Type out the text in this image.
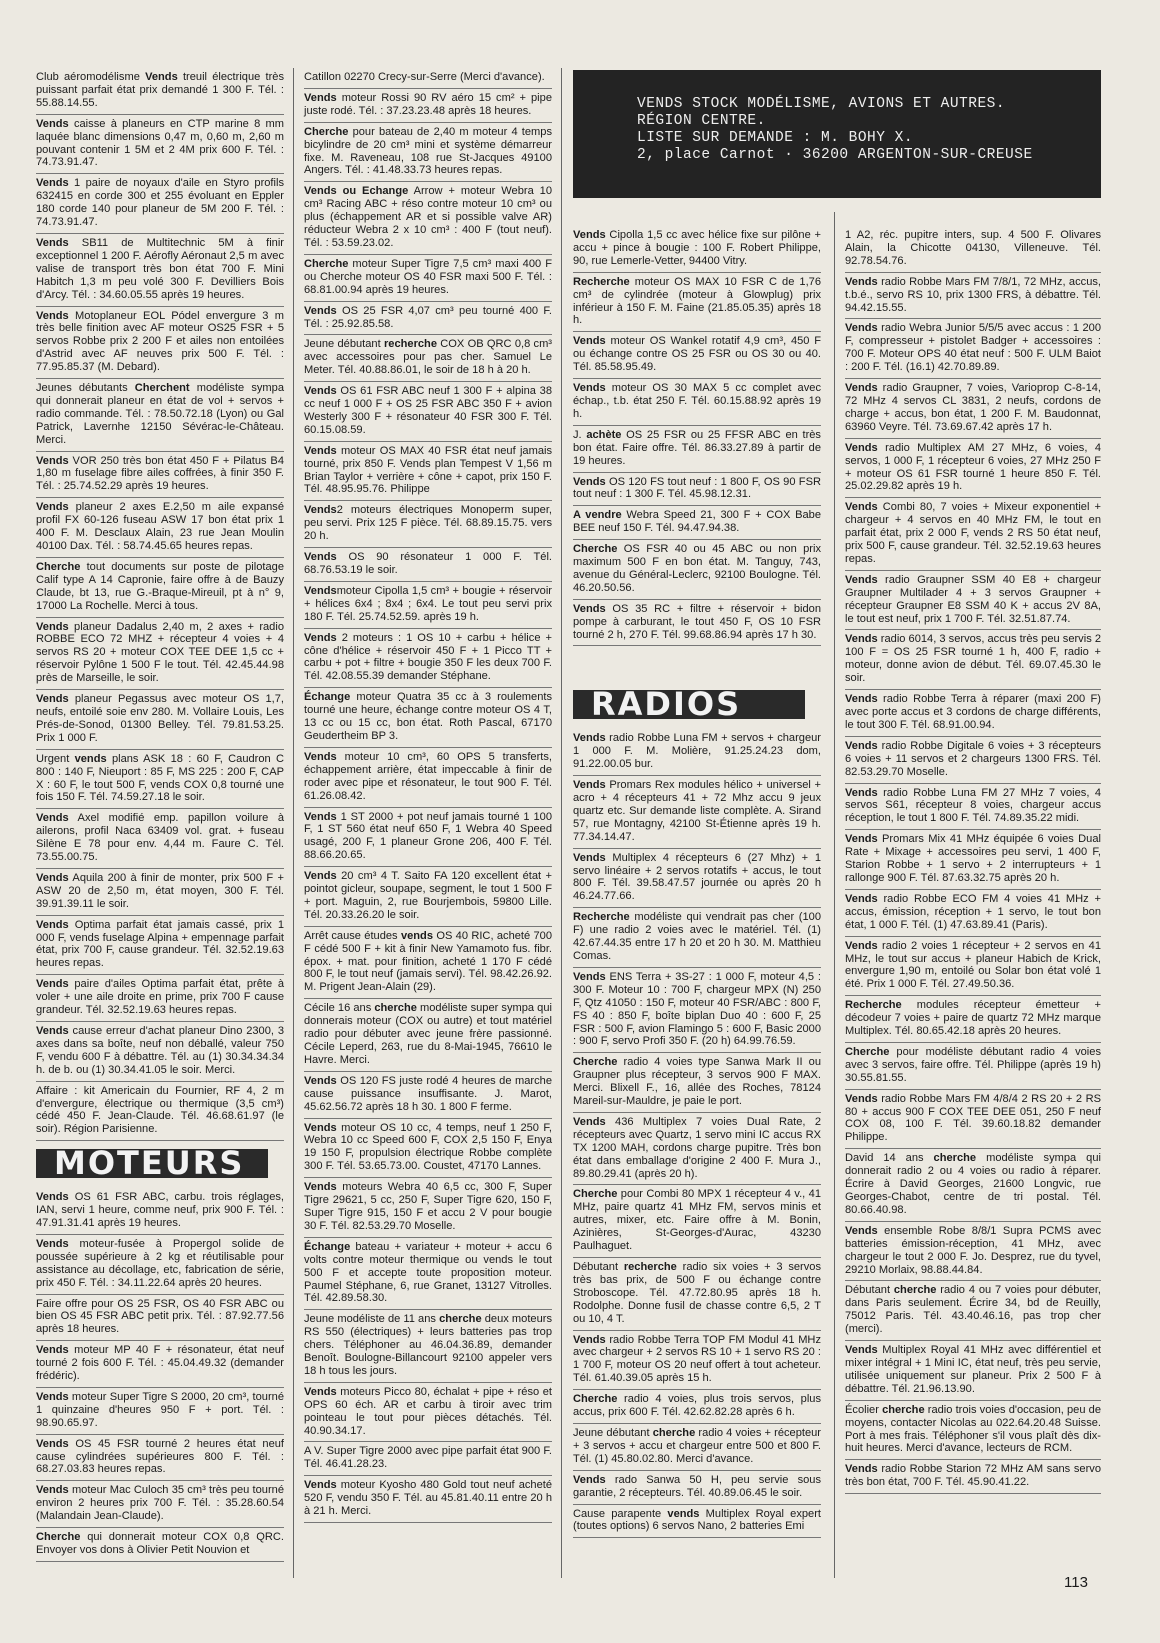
VENDS STOCK MODÉLISME, AVIONS ET AUTRES.
RÉGION CENTRE.
LISTE SUR DEMANDE : M. BOHY X.
2, place Carnot · 36200 ARGENTON-SUR-CREUSE

Club aéromodélisme Vends treuil électrique très puissant parfait état prix demandé 1 300 F. Tél. : 55.88.14.55.

Vends caisse à planeurs en CTP marine 8 mm laquée blanc dimensions 0,47 m, 0,60 m, 2,60 m pouvant contenir 1 5M et 2 4M prix 600 F. Tél. : 74.73.91.47.

Vends 1 paire de noyaux d'aile en Styro profils 632415 en corde 300 et 255 évoluant en Eppler 180 corde 140 pour planeur de 5M 200 F. Tél. : 74.73.91.47.

Vends SB11 de Multitechnic 5M à finir exceptionnel 1 200 F. Aérofly Aéronaut 2,5 m avec valise de transport très bon état 700 F. Mini Habitch 1,3 m peu volé 300 F. Devilliers Bois d'Arcy. Tél. : 34.60.05.55 après 19 heures.

Vends Motoplaneur EOL Pódel envergure 3 m très belle finition avec AF moteur OS25 FSR + 5 servos Robbe prix 2 200 F et ailes non entoilées d'Astrid avec AF neuves prix 500 F. Tél. : 77.95.85.37 (M. Debard).

Jeunes débutants Cherchent modéliste sympa qui donnerait planeur en état de vol + servos + radio commande. Tél. : 78.50.72.18 (Lyon) ou Gal Patrick, Lavernhe 12150 Sévérac-le-Château. Merci.

Vends VOR 250 très bon état 450 F + Pilatus B4 1,80 m fuselage fibre ailes coffrées, à finir 350 F. Tél. : 25.74.52.29 après 19 heures.

Vends planeur 2 axes E.2,50 m aile expansé profil FX 60-126 fuseau ASW 17 bon état prix 1 400 F. M. Desclaux Alain, 23 rue Jean Moulin 40100 Dax. Tél. : 58.74.45.65 heures repas.

Cherche tout documents sur poste de pilotage Calif type A 14 Capronie, faire offre à de Bauzy Claude, bt 13, rue G.-Braque-Mireuil, pt à n° 9, 17000 La Rochelle. Merci à tous.

Vends planeur Dadalus 2,40 m, 2 axes + radio ROBBE ECO 72 MHZ + récepteur 4 voies + 4 servos RS 20 + moteur COX TEE DEE 1,5 cc + réservoir Pylône 1 500 F le tout. Tél. 42.45.44.98 près de Marseille, le soir.

Vends planeur Pegassus avec moteur OS 1,7, neufs, entoilé soie env 280. M. Vollaire Louis, Les Prés-de-Sonod, 01300 Belley. Tél. 79.81.53.25. Prix 1 000 F.

Urgent vends plans ASK 18 : 60 F, Caudron C 800 : 140 F, Nieuport : 85 F, MS 225 : 200 F, CAP X : 60 F, le tout 500 F, vends COX 0,8 tourné une fois 150 F. Tél. 74.59.27.18 le soir.

Vends Axel modifié emp. papillon voilure à ailerons, profil Naca 63409 vol. grat. + fuseau Silène E 78 pour env. 4,44 m. Faure C. Tél. 73.55.00.75.

Vends Aquila 200 à finir de monter, prix 500 F + ASW 20 de 2,50 m, état moyen, 300 F. Tél. 39.91.39.11 le soir.

Vends Optima parfait état jamais cassé, prix 1 000 F, vends fuselage Alpina + empennage parfait état, prix 700 F, cause grandeur. Tél. 32.52.19.63 heures repas.

Vends paire d'ailes Optima parfait état, prête à voler + une aile droite en prime, prix 700 F cause grandeur. Tél. 32.52.19.63 heures repas.

Vends cause erreur d'achat planeur Dino 2300, 3 axes dans sa boîte, neuf non déballé, valeur 750 F, vendu 600 F à débattre. Tél. au (1) 30.34.34.34 h. de b. ou (1) 30.34.41.05 le soir. Merci.

Affaire : kit Americain du Fournier, RF 4, 2 m d'envergure, électrique ou thermique (3,5 cm³) cédé 450 F. Jean-Claude. Tél. 46.68.61.97 (le soir). Région Parisienne.

MOTEURS

Vends OS 61 FSR ABC, carbu. trois réglages, IAN, servi 1 heure, comme neuf, prix 900 F. Tél. : 47.91.31.41 après 19 heures.

Vends moteur-fusée à Propergol solide de poussée supérieure à 2 kg et réutilisable pour assistance au décollage, etc, fabrication de série, prix 450 F. Tél. : 34.11.22.64 après 20 heures.

Faire offre pour OS 25 FSR, OS 40 FSR ABC ou bien OS 45 FSR ABC petit prix. Tél. : 87.92.77.56 après 18 heures.

Vends moteur MP 40 F + résonateur, état neuf tourné 2 fois 600 F. Tél. : 45.04.49.32 (demander frédéric).

Vends moteur Super Tigre S 2000, 20 cm³, tourné 1 quinzaine d'heures 950 F + port. Tél. : 98.90.65.97.

Vends OS 45 FSR tourné 2 heures état neuf cause cylindrées supérieures 800 F. Tél. : 68.27.03.83 heures repas.

Vends moteur Mac Culoch 35 cm³ très peu tourné environ 2 heures prix 700 F. Tél. : 35.28.60.54 (Malandain Jean-Claude).

Cherche qui donnerait moteur COX 0,8 QRC. Envoyer vos dons à Olivier Petit Nouvion et

Catillon 02270 Crecy-sur-Serre (Merci d'avance).

Vends moteur Rossi 90 RV aéro 15 cm² + pipe juste rodé. Tél. : 37.23.23.48 après 18 heures.

Cherche pour bateau de 2,40 m moteur 4 temps bicylindre de 20 cm³ mini et système démarreur fixe. M. Raveneau, 108 rue St-Jacques 49100 Angers. Tél. : 41.48.33.73 heures repas.

Vends ou Echange Arrow + moteur Webra 10 cm³ Racing ABC + réso contre moteur 10 cm³ ou plus (échappement AR et si possible valve AR) réducteur Webra 2 x 10 cm³ : 400 F (tout neuf). Tél. : 53.59.23.02.

Cherche moteur Super Tigre 7,5 cm³ maxi 400 F ou Cherche moteur OS 40 FSR maxi 500 F. Tél. : 68.81.00.94 après 19 heures.

Vends OS 25 FSR 4,07 cm³ peu tourné 400 F. Tél. : 25.92.85.58.

Jeune débutant recherche COX OB QRC 0,8 cm³ avec accessoires pour pas cher. Samuel Le Meter. Tél. 40.88.86.01, le soir de 18 h à 20 h.

Vends OS 61 FSR ABC neuf 1 300 F + alpina 38 cc neuf 1 000 F + OS 25 FSR ABC 350 F + avion Westerly 300 F + résonateur 40 FSR 300 F. Tél. 60.15.08.59.

Vends moteur OS MAX 40 FSR état neuf jamais tourné, prix 850 F. Vends plan Tempest V 1,56 m Brian Taylor + verrière + cône + capot, prix 150 F. Tél. 48.95.95.76. Philippe

Vends2 moteurs électriques Monoperm super, peu servi. Prix 125 F pièce. Tél. 68.89.15.75. vers 20 h.

Vends OS 90 résonateur 1 000 F. Tél. 68.76.53.19 le soir.

Vendsmoteur Cipolla 1,5 cm³ + bougie + réservoir + hélices 6x4 ; 8x4 ; 6x4. Le tout peu servi prix 180 F. Tél. 25.74.52.59. après 19 h.

Vends 2 moteurs : 1 OS 10 + carbu + hélice + cône d'hélice + réservoir 450 F + 1 Picco TT + carbu + pot + filtre + bougie 350 F les deux 700 F. Tél. 42.08.55.39 demander Stéphane.

Échange moteur Quatra 35 cc à 3 roulements tourné une heure, échange contre moteur OS 4 T, 13 cc ou 15 cc, bon état. Roth Pascal, 67170 Geudertheim BP 3.

Vends moteur 10 cm³, 60 OPS 5 transferts, échappement arrière, état impeccable à finir de roder avec pipe et résonateur, le tout 900 F. Tél. 61.26.08.42.

Vends 1 ST 2000 + pot neuf jamais tourné 1 100 F, 1 ST 560 état neuf 650 F, 1 Webra 40 Speed usagé, 200 F, 1 planeur Grone 206, 400 F. Tél. 88.66.20.65.

Vends 20 cm³ 4 T. Saito FA 120 excellent état + pointot gicleur, soupape, segment, le tout 1 500 F + port. Maguin, 2, rue Bourjembois, 59800 Lille. Tél. 20.33.26.20 le soir.

Arrêt cause études vends OS 40 RIC, acheté 700 F cédé 500 F + kit à finir New Yamamoto fus. fibr. épox. + mat. pour finition, acheté 1 170 F cédé 800 F, le tout neuf (jamais servi). Tél. 98.42.26.92. M. Prigent Jean-Alain (29).

Cécile 16 ans cherche modéliste super sympa qui donnerais moteur (COX ou autre) et tout matériel radio pour débuter avec jeune frère passionné. Cécile Leperd, 263, rue du 8-Mai-1945, 76610 le Havre. Merci.

Vends OS 120 FS juste rodé 4 heures de marche cause puissance insuffisante. J. Marot, 45.62.56.72 après 18 h 30. 1 800 F ferme.

Vends moteur OS 10 cc, 4 temps, neuf 1 250 F, Webra 10 cc Speed 600 F, COX 2,5 150 F, Enya 19 150 F, propulsion électrique Robbe complète 300 F. Tél. 53.65.73.00. Coustet, 47170 Lannes.

Vends moteurs Webra 40 6,5 cc, 300 F, Super Tigre 29621, 5 cc, 250 F, Super Tigre 620, 150 F, Super Tigre 915, 150 F et accu 2 V pour bougie 30 F. Tél. 82.53.29.70 Moselle.

Échange bateau + variateur + moteur + accu 6 volts contre moteur thermique ou vends le tout 500 F et accepte toute proposition moteur. Paumel Stéphane, 6, rue Granet, 13127 Vitrolles. Tél. 42.89.58.30.

Jeune modéliste de 11 ans cherche deux moteurs RS 550 (électriques) + leurs batteries pas trop chers. Téléphoner au 46.04.36.89, demander Benoît. Boulogne-Billancourt 92100 appeler vers 18 h tous les jours.

Vends moteurs Picco 80, échalat + pipe + réso et OPS 60 éch. AR et carbu à tiroir avec trim pointeau le tout pour pièces détachés. Tél. 40.90.34.17.

A V. Super Tigre 2000 avec pipe parfait état 900 F. Tél. 46.41.28.23.

Vends moteur Kyosho 480 Gold tout neuf acheté 520 F, vendu 350 F. Tél. au 45.81.40.11 entre 20 h à 21 h. Merci.

Vends Cipolla 1,5 cc avec hélice fixe sur pilône + accu + pince à bougie : 100 F. Robert Philippe, 90, rue Lemerle-Vetter, 94400 Vitry.

Recherche moteur OS MAX 10 FSR C de 1,76 cm³ de cylindrée (moteur à Glowplug) prix inférieur à 150 F. M. Faine (21.85.05.35) après 18 h.

Vends moteur OS Wankel rotatif 4,9 cm³, 450 F ou échange contre OS 25 FSR ou OS 30 ou 40. Tél. 85.58.95.49.

Vends moteur OS 30 MAX 5 cc complet avec échap., t.b. état 250 F. Tél. 60.15.88.92 après 19 h.

J. achète OS 25 FSR ou 25 FFSR ABC en très bon état. Faire offre. Tél. 86.33.27.89 à partir de 19 heures.

Vends OS 120 FS tout neuf : 1 800 F, OS 90 FSR tout neuf : 1 300 F. Tél. 45.98.12.31.

A vendre Webra Speed 21, 300 F + COX Babe BEE neuf 150 F. Tél. 94.47.94.38.

Cherche OS FSR 40 ou 45 ABC ou non prix maximum 500 F en bon état. M. Tanguy, 743, avenue du Général-Leclerc, 92100 Boulogne. Tél. 46.20.50.56.

Vends OS 35 RC + filtre + réservoir + bidon pompe à carburant, le tout 450 F, OS 10 FSR tourné 2 h, 270 F. Tél. 99.68.86.94 après 17 h 30.

RADIOS

Vends radio Robbe Luna FM + servos + chargeur 1 000 F. M. Molière, 91.25.24.23 dom, 91.22.00.05 bur.

Vends Promars Rex modules hélico + universel + acro + 4 récepteurs 41 + 72 Mhz accu 9 jeux quartz etc. Sur demande liste complète. A. Sirand 57, rue Montagny, 42100 St-Étienne après 19 h. 77.34.14.47.

Vends Multiplex 4 récepteurs 6 (27 Mhz) + 1 servo linéaire + 2 servos rotatifs + accus, le tout 800 F. Tél. 39.58.47.57 journée ou après 20 h 46.24.77.66.

Recherche modéliste qui vendrait pas cher (100 F) une radio 2 voies avec le matériel. Tél. (1) 42.67.44.35 entre 17 h 20 et 20 h 30. M. Matthieu Comas.

Vends ENS Terra + 3S-27 : 1 000 F, moteur 4,5 : 300 F. Moteur 10 : 700 F, chargeur MPX (N) 250 F, Qtz 41050 : 150 F, moteur 40 FSR/ABC : 800 F, FS 40 : 850 F, boîte biplan Duo 40 : 600 F, 25 FSR : 500 F, avion Flamingo 5 : 600 F, Basic 2000 : 900 F, servo Profi 350 F. (20 h) 64.99.76.59.

Cherche radio 4 voies type Sanwa Mark II ou Graupner plus récepteur, 3 servos 900 F MAX. Merci. Blixell F., 16, allée des Roches, 78124 Mareil-sur-Mauldre, je paie le port.

Vends 436 Multiplex 7 voies Dual Rate, 2 récepteurs avec Quartz, 1 servo mini IC accus RX TX 1200 MAH, cordons charge pupitre. Très bon état dans emballage d'origine 2 400 F. Mura J., 89.80.29.41 (après 20 h).

Cherche pour Combi 80 MPX 1 récepteur 4 v., 41 MHz, paire quartz 41 MHz FM, servos minis et autres, mixer, etc. Faire offre à M. Bonin, Azinières, St-Georges-d'Aurac, 43230 Paulhaguet.

Débutant recherche radio six voies + 3 servos très bas prix, de 500 F ou échange contre Stroboscope. Tél. 47.72.80.95 après 18 h. Rodolphe. Donne fusil de chasse contre 6,5, 2 T ou 10, 4 T.

Vends radio Robbe Terra TOP FM Modul 41 MHz avec chargeur + 2 servos RS 10 + 1 servo RS 20 : 1 700 F, moteur OS 20 neuf offert à tout acheteur. Tél. 61.40.39.05 après 15 h.

Cherche radio 4 voies, plus trois servos, plus accus, prix 600 F. Tél. 42.62.82.28 après 6 h.

Jeune débutant cherche radio 4 voies + récepteur + 3 servos + accu et chargeur entre 500 et 800 F. Tél. (1) 45.80.02.80. Merci d'avance.

Vends rado Sanwa 50 H, peu servie sous garantie, 2 récepteurs. Tél. 40.89.06.45 le soir.

Cause parapente vends Multiplex Royal expert (toutes options) 6 servos Nano, 2 batteries Emi

1 A2, réc. pupitre inters, sup. 4 500 F. Olivares Alain, la Chicotte 04130, Villeneuve. Tél. 92.78.54.76.

Vends radio Robbe Mars FM 7/8/1, 72 MHz, accus, t.b.é., servo RS 10, prix 1300 FRS, à débattre. Tél. 94.42.15.55.

Vends radio Webra Junior 5/5/5 avec accus : 1 200 F, compresseur + pistolet Badger + accessoires : 700 F. Moteur OPS 40 état neuf : 500 F. ULM Baiot : 200 F. Tél. (16.1) 42.70.89.89.

Vends radio Graupner, 7 voies, Varioprop C-8-14, 72 MHz 4 servos CL 3831, 2 neufs, cordons de charge + accus, bon état, 1 200 F. M. Baudonnat, 63960 Veyre. Tél. 73.69.67.42 après 17 h.

Vends radio Multiplex AM 27 MHz, 6 voies, 4 servos, 1 000 F, 1 récepteur 6 voies, 27 MHz 250 F + moteur OS 61 FSR tourné 1 heure 850 F. Tél. 25.02.29.82 après 19 h.

Vends Combi 80, 7 voies + Mixeur exponentiel + chargeur + 4 servos en 40 MHz FM, le tout en parfait état, prix 2 000 F, vends 2 RS 50 état neuf, prix 500 F, cause grandeur. Tél. 32.52.19.63 heures repas.

Vends radio Graupner SSM 40 E8 + chargeur Graupner Multilader 4 + 3 servos Graupner + récepteur Graupner E8 SSM 40 K + accus 2V 8A, le tout est neuf, prix 1 700 F. Tél. 32.51.87.74.

Vends radio 6014, 3 servos, accus très peu servis 2 100 F = OS 25 FSR tourné 1 h, 400 F, radio + moteur, donne avion de début. Tél. 69.07.45.30 le soir.

Vends radio Robbe Terra à réparer (maxi 200 F) avec porte accus et 3 cordons de charge différents, le tout 300 F. Tél. 68.91.00.94.

Vends radio Robbe Digitale 6 voies + 3 récepteurs 6 voies + 11 servos et 2 chargeurs 1300 FRS. Tél. 82.53.29.70 Moselle.

Vends radio Robbe Luna FM 27 MHz 7 voies, 4 servos S61, récepteur 8 voies, chargeur accus réception, le tout 1 800 F. Tél. 74.89.35.22 midi.

Vends Promars Mix 41 MHz équipée 6 voies Dual Rate + Mixage + accessoires peu servi, 1 400 F, Starion Robbe + 1 servo + 2 interrupteurs + 1 rallonge 900 F. Tél. 87.63.32.75 après 20 h.

Vends radio Robbe ECO FM 4 voies 41 MHz + accus, émission, réception + 1 servo, le tout bon état, 1 000 F. Tél. (1) 47.63.89.41 (Paris).

Vends radio 2 voies 1 récepteur + 2 servos en 41 MHz, le tout sur accus + planeur Habich de Krick, envergure 1,90 m, entoilé ou Solar bon état volé 1 été. Prix 1 000 F. Tél. 27.49.50.36.

Recherche modules récepteur émetteur + décodeur 7 voies + paire de quartz 72 MHz marque Multiplex. Tél. 80.65.42.18 après 20 heures.

Cherche pour modéliste débutant radio 4 voies avec 3 servos, faire offre. Tél. Philippe (après 19 h) 30.55.81.55.

Vends radio Robbe Mars FM 4/8/4 2 RS 20 + 2 RS 80 + accus 900 F COX TEE DEE 051, 250 F neuf COX 08, 100 F. Tél. 39.60.18.82 demander Philippe.

David 14 ans cherche modéliste sympa qui donnerait radio 2 ou 4 voies ou radio à réparer. Écrire à David Georges, 21600 Longvic, rue Georges-Chabot, centre de tri postal. Tél. 80.66.40.98.

Vends ensemble Robe 8/8/1 Supra PCMS avec batteries émission-réception, 41 MHz, avec chargeur le tout 2 000 F. Jo. Desprez, rue du tyvel, 29210 Morlaix, 98.88.44.84.

Débutant cherche radio 4 ou 7 voies pour débuter, dans Paris seulement. Écrire 34, bd de Reuilly, 75012 Paris. Tél. 43.40.46.16, pas trop cher (merci).

Vends Multiplex Royal 41 MHz avec différentiel et mixer intégral + 1 Mini IC, état neuf, très peu servie, utilisée uniquement sur planeur. Prix 2 500 F à débattre. Tél. 21.96.13.90.

Écolier cherche radio trois voies d'occasion, peu de moyens, contacter Nicolas au 022.64.20.48 Suisse. Port à mes frais. Téléphoner s'il vous plaît dès dix-huit heures. Merci d'avance, lecteurs de RCM.

Vends radio Robbe Starion 72 MHz AM sans servo très bon état, 700 F. Tél. 45.90.41.22.

113
